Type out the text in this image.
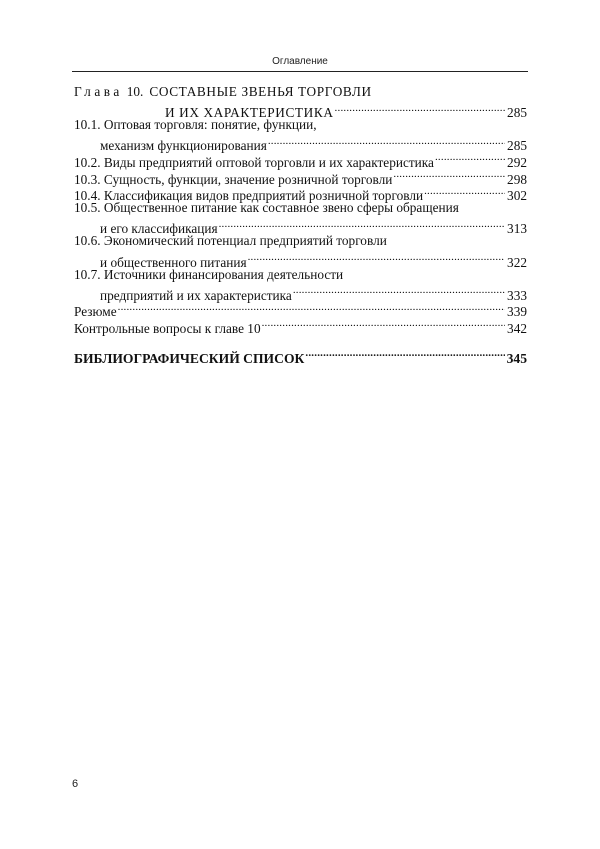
Оглавление
Глава 10. СОСТАВНЫЕ ЗВЕНЬЯ ТОРГОВЛИ
И ИХ ХАРАКТЕРИСТИКА .....	285
10.1. Оптовая торговля: понятие, функции,
механизм функционирования .....	285
10.2. Виды предприятий оптовой торговли и их характеристика .....	292
10.3. Сущность, функции, значение розничной торговли .....	298
10.4. Классификация видов предприятий розничной торговли .....	302
10.5. Общественное питание как составное звено сферы обращения
и его классификация .....	313
10.6. Экономический потенциал предприятий торговли
и общественного питания .....	322
10.7. Источники финансирования деятельности
предприятий и их характеристика .....	333
Резюме .....	339
Контрольные вопросы к главе 10 .....	342
БИБЛИОГРАФИЧЕСКИЙ СПИСОК .....	345
6
